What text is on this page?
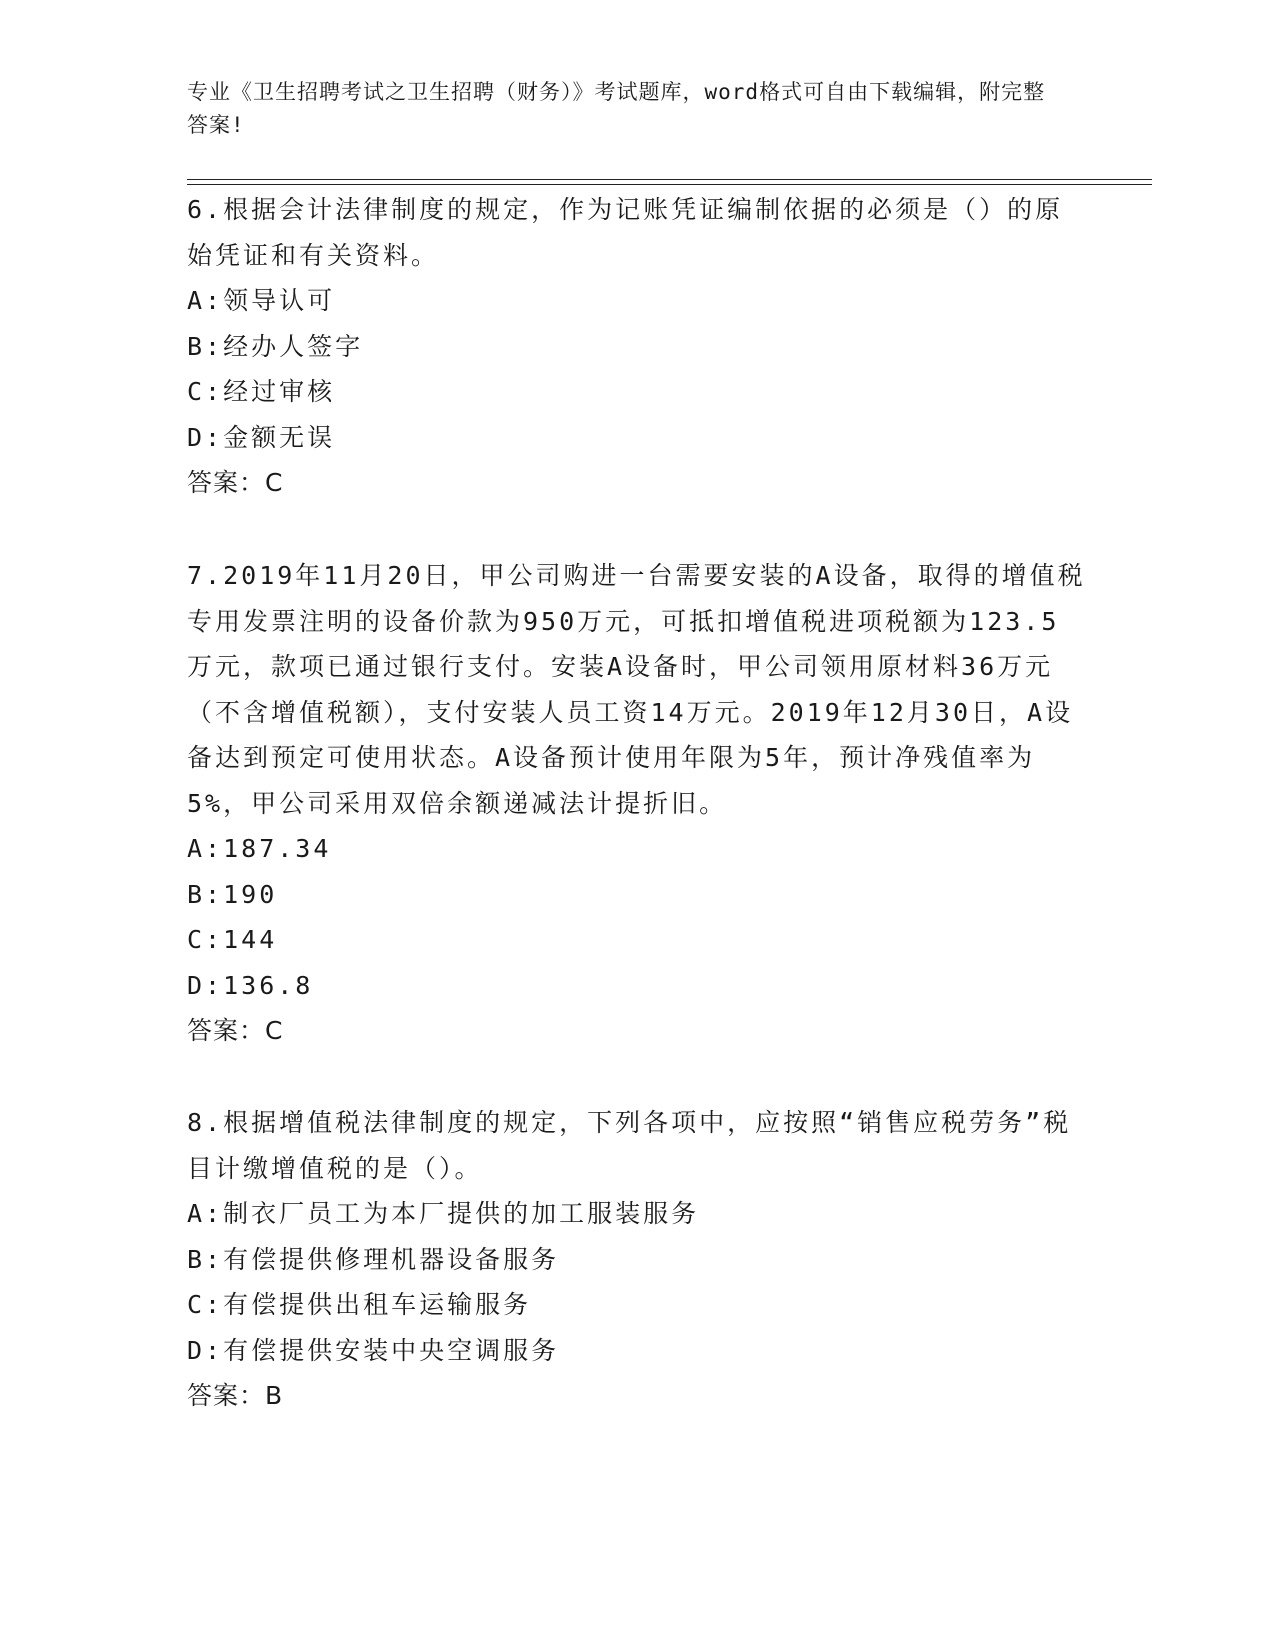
专业《卫生招聘考试之卫生招聘（财务）》考试题库，word格式可自由下载编辑，附完整答案!

6.根据会计法律制度的规定，作为记账凭证编制依据的必须是（）的原始凭证和有关资料。

A:领导认可

B:经办人签字

C:经过审核

D:金额无误

答案：C

7.2019年11月20日，甲公司购进一台需要安装的A设备，取得的增值税专用发票注明的设备价款为950万元，可抵扣增值税进项税额为123.5万元，款项已通过银行支付。安装A设备时，甲公司领用原材料36万元（不含增值税额），支付安装人员工资14万元。2019年12月30日，A设备达到预定可使用状态。A设备预计使用年限为5年，预计净残值率为5%，甲公司采用双倍余额递减法计提折旧。

A:187.34

B:190

C:144

D:136.8

答案：C

8.根据增值税法律制度的规定，下列各项中，应按照“销售应税劳务”税目计缴增值税的是（）。

A:制衣厂员工为本厂提供的加工服装服务

B:有偿提供修理机器设备服务

C:有偿提供出租车运输服务

D:有偿提供安装中央空调服务

答案：B
